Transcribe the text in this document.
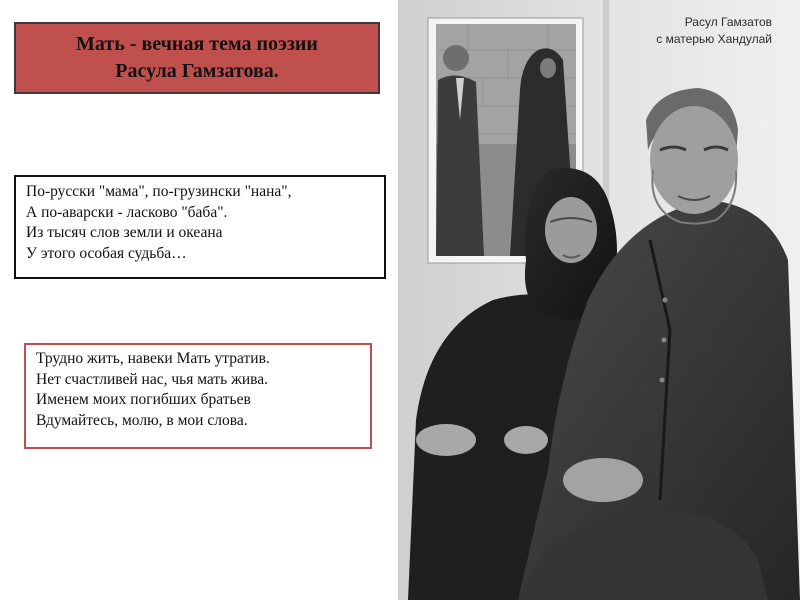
Мать - вечная тема поэзии
Расула Гамзатова.
По-русски "мама", по-грузински "нана",
А по-аварски - ласково "баба".
Из тысяч слов земли и океана
У этого особая судьба…
Трудно жить, навеки Мать утратив.
Нет счастливей нас, чья мать жива.
Именем моих погибших братьев
Вдумайтесь, молю, в мои слова.
Расул Гамзатов
с матерью Хандулай
